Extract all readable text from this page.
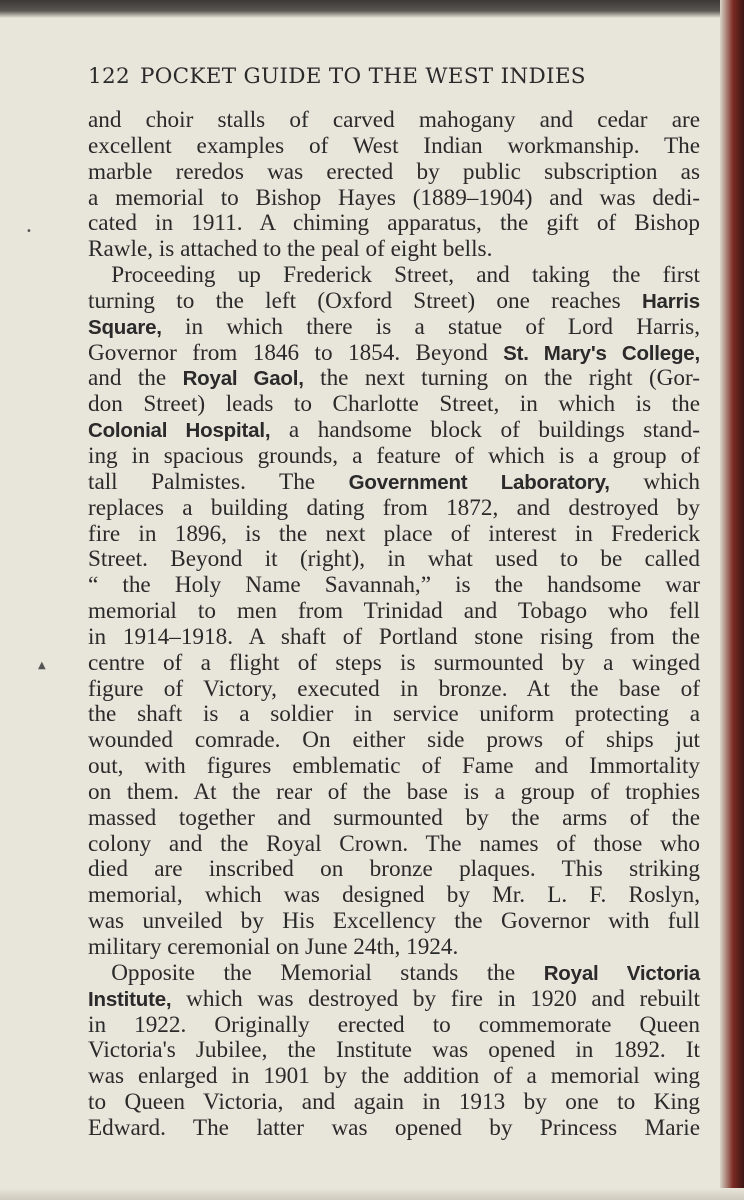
122 POCKET GUIDE TO THE WEST INDIES
and choir stalls of carved mahogany and cedar are
excellent examples of West Indian workmanship. The
marble reredos was erected by public subscription as
a memorial to Bishop Hayes (1889–1904) and was dedi-
cated in 1911. A chiming apparatus, the gift of Bishop
Rawle, is attached to the peal of eight bells.
 Proceeding up Frederick Street, and taking the first
turning to the left (Oxford Street) one reaches Harris
Square, in which there is a statue of Lord Harris,
Governor from 1846 to 1854. Beyond St. Mary's College,
and the Royal Gaol, the next turning on the right (Gor-
don Street) leads to Charlotte Street, in which is the
Colonial Hospital, a handsome block of buildings stand-
ing in spacious grounds, a feature of which is a group of
tall Palmistes. The Government Laboratory, which
replaces a building dating from 1872, and destroyed by
fire in 1896, is the next place of interest in Frederick
Street. Beyond it (right), in what used to be called
“ the Holy Name Savannah,” is the handsome war
memorial to men from Trinidad and Tobago who fell
in 1914–1918. A shaft of Portland stone rising from the
centre of a flight of steps is surmounted by a winged
figure of Victory, executed in bronze. At the base of
the shaft is a soldier in service uniform protecting a
wounded comrade. On either side prows of ships jut
out, with figures emblematic of Fame and Immortality
on them. At the rear of the base is a group of trophies
massed together and surmounted by the arms of the
colony and the Royal Crown. The names of those who
died are inscribed on bronze plaques. This striking
memorial, which was designed by Mr. L. F. Roslyn,
was unveiled by His Excellency the Governor with full
military ceremonial on June 24th, 1924.
 Opposite the Memorial stands the Royal Victoria
Institute, which was destroyed by fire in 1920 and rebuilt
in 1922. Originally erected to commemorate Queen
Victoria's Jubilee, the Institute was opened in 1892. It
was enlarged in 1901 by the addition of a memorial wing
to Queen Victoria, and again in 1913 by one to King
Edward. The latter was opened by Princess Marie
•
▲
